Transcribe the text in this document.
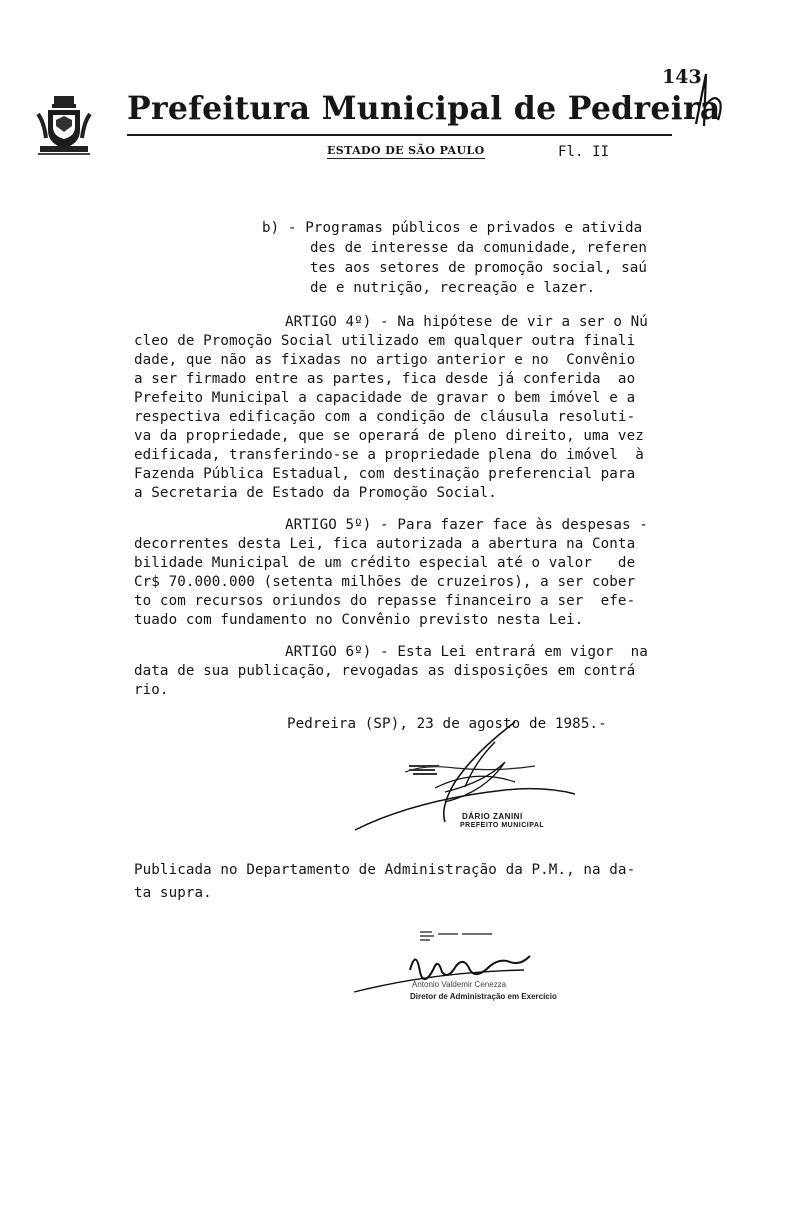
143
Prefeitura Municipal de Pedreira
ESTADO DE SÃO PAULO	Fl. II
b) - Programas públicos e privados e ativida
des de interesse da comunidade, referen
tes aos setores de promoção social, saú
de e nutrição, recreação e lazer.
ARTIGO 4º) - Na hipótese de vir a ser o Nú
cleo de Promoção Social utilizado em qualquer outra finali
dade, que não as fixadas no artigo anterior e no  Convênio
a ser firmado entre as partes, fica desde já conferida  ao
Prefeito Municipal a capacidade de gravar o bem imóvel e a
respectiva edificação com a condição de cláusula resoluti-
va da propriedade, que se operará de pleno direito, uma vez
edificada, transferindo-se a propriedade plena do imóvel  à
Fazenda Pública Estadual, com destinação preferencial para
a Secretaria de Estado da Promoção Social.
ARTIGO 5º) - Para fazer face às despesas -
decorrentes desta Lei, fica autorizada a abertura na Conta
bilidade Municipal de um crédito especial até o valor   de
Cr$ 70.000.000 (setenta milhões de cruzeiros), a ser cober
to com recursos oriundos do repasse financeiro a ser  efe-
tuado com fundamento no Convênio previsto nesta Lei.
ARTIGO 6º) - Esta Lei entrará em vigor  na
data de sua publicação, revogadas as disposições em contrá
rio.
Pedreira (SP), 23 de agosto de 1985.-
DÁRIO ZANINI
PREFEITO MUNICIPAL
Publicada no Departamento de Administração da P.M., na da-
ta supra.
Antonio Valdemir Cenezza
Diretor de Administração em Exercício
